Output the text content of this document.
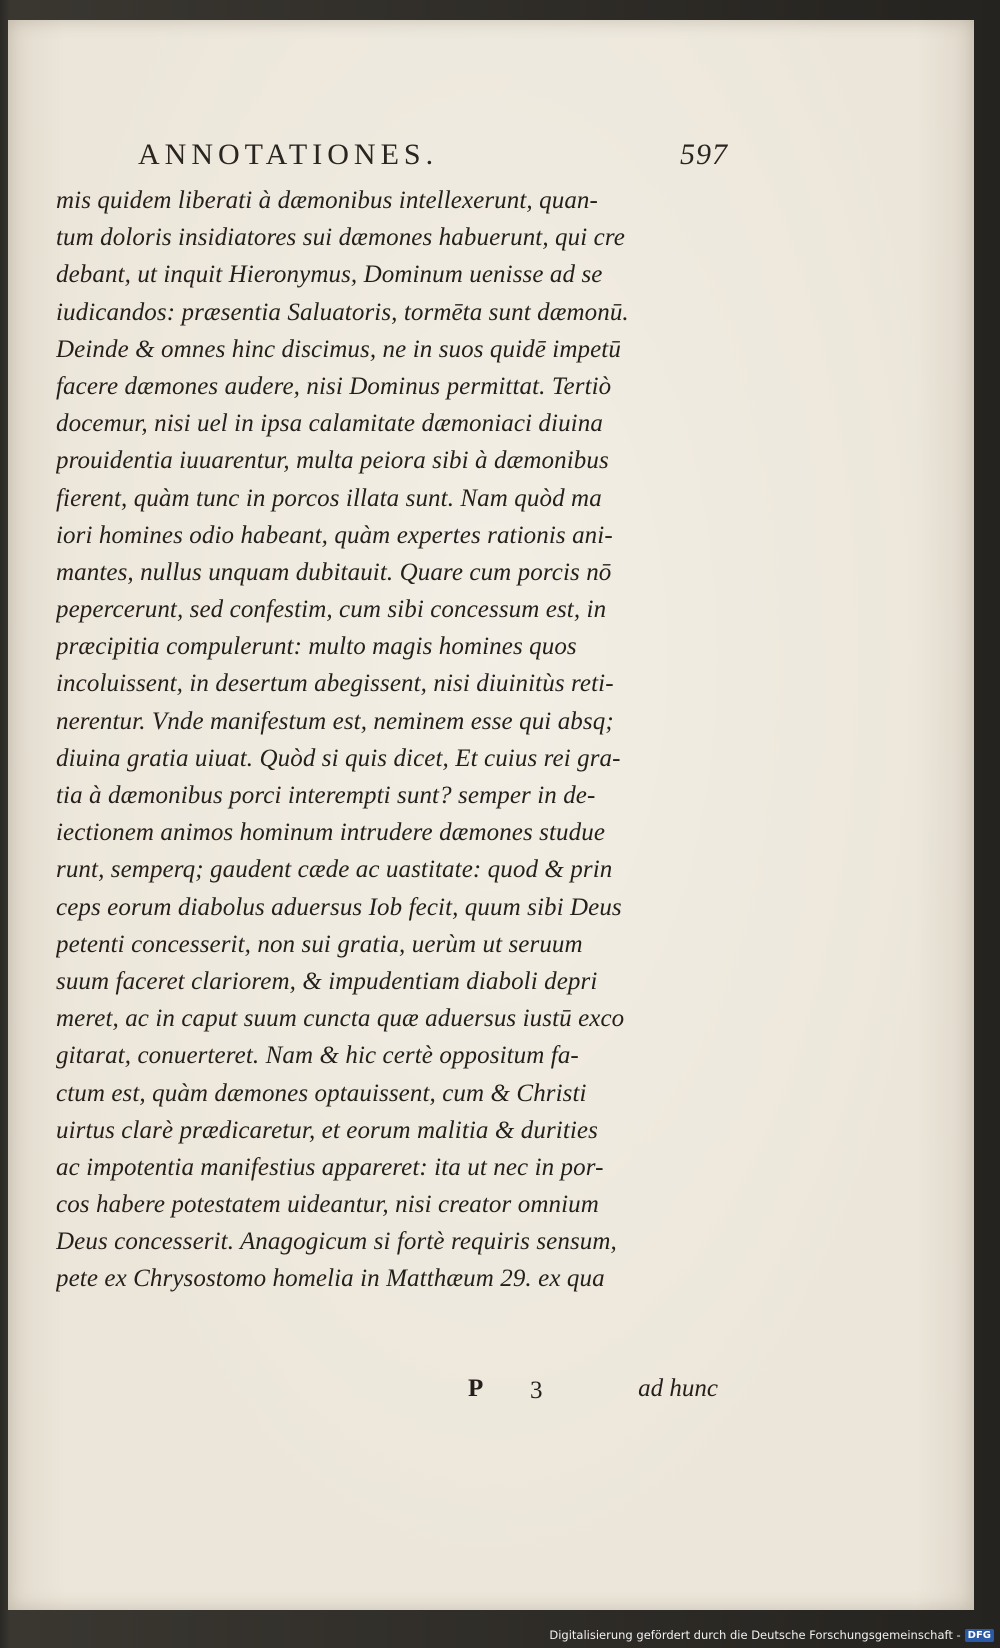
ANNOTATIONES.	597
mis quidem liberati à dæmonibus intellexerunt, quan-
tum doloris insidiatores sui dæmones habuerunt, qui cre
debant, ut inquit Hieronymus, Dominum uenisse ad se
iudicandos: præsentia Saluatoris, tormēta sunt dæmonū.
Deinde & omnes hinc discimus, ne in suos quidē impetū
facere dæmones audere, nisi Dominus permittat. Tertiò
docemur, nisi uel in ipsa calamitate dæmoniaci diuina
prouidentia iuuarentur, multa peiora sibi à dæmonibus
fierent, quàm tunc in porcos illata sunt. Nam quòd ma
iori homines odio habeant, quàm expertes rationis ani-
mantes, nullus unquam dubitauit. Quare cum porcis nō
pepercerunt, sed confestim, cum sibi concessum est, in
præcipitia compulerunt: multo magis homines quos
incoluissent, in desertum abegissent, nisi diuinitùs reti-
nerentur. Vnde manifestum est, neminem esse qui absq;
diuina gratia uiuat. Quòd si quis dicet, Et cuius rei gra-
tia à dæmonibus porci interempti sunt? semper in de-
iectionem animos hominum intrudere dæmones studue
runt, semperq; gaudent cæde ac uastitate: quod & prin
ceps eorum diabolus aduersus Iob fecit, quum sibi Deus
petenti concesserit, non sui gratia, uerùm ut seruum
suum faceret clariorem, & impudentiam diaboli depri
meret, ac in caput suum cuncta quæ aduersus iustū exco
gitarat, conuerteret. Nam & hic certè oppositum fa-
ctum est, quàm dæmones optauissent, cum & Christi
uirtus clarè prædicaretur, et eorum malitia & durities
ac impotentia manifestius appareret: ita ut nec in por-
cos habere potestatem uideantur, nisi creator omnium
Deus concesserit. Anagogicum si fortè requiris sensum,
pete ex Chrysostomo homelia in Matthæum 29. ex qua
P 3	ad hunc
Digitalisierung gefördert durch die Deutsche Forschungsgemeinschaft - DFG
